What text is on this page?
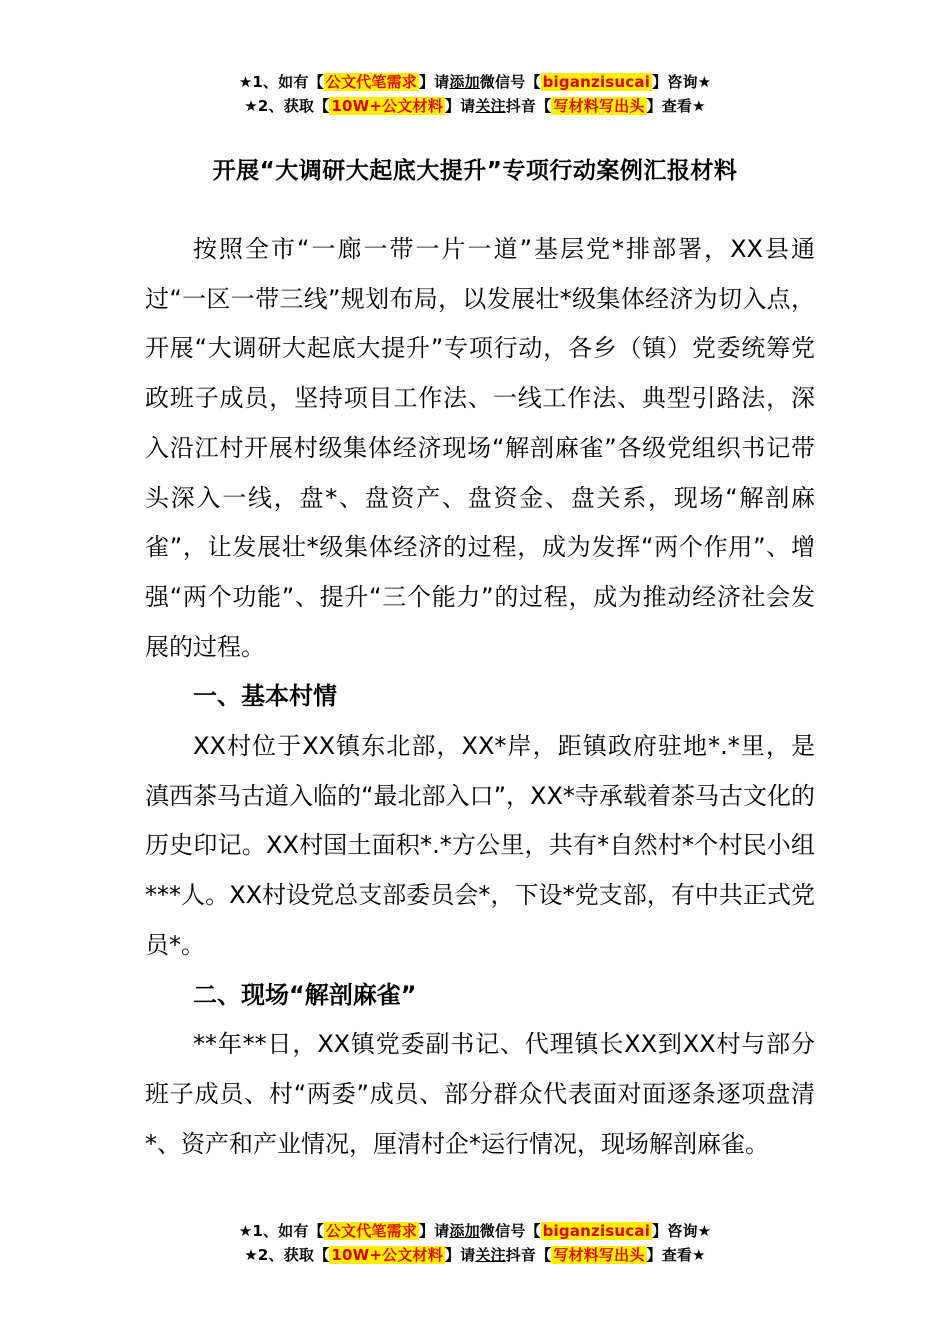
★1、如有【 公文代笔需求 】请添加微信号【 biganzisucai 】咨询★
★2、获取【 10W+公文材料 】请关注抖音【 写材料写出头 】查看★
开展“大调研大起底大提升”专项行动案例汇报材料

按照全市“一廊一带一片一道”基层党*排部署，XX县通过“一区一带三线”规划布局，以发展壮*级集体经济为切入点，开展“大调研大起底大提升”专项行动，各乡（镇）党委统筹党政班子成员，坚持项目工作法、一线工作法、典型引路法，深入沿江村开展村级集体经济现场“解剖麻雀”各级党组织书记带头深入一线，盘*、盘资产、盘资金、盘关系，现场“解剖麻雀”，让发展壮*级集体经济的过程，成为发挥“两个作用”、增强“两个功能”、提升“三个能力”的过程，成为推动经济社会发展的过程。

一、基本村情

XX村位于XX镇东北部，XX*岸，距镇政府驻地*.*里，是滇西茶马古道入临的“最北部入口”，XX*寺承载着茶马古文化的历史印记。XX村国土面积*.*方公里，共有*自然村*个村民小组***人。XX村设党总支部委员会*，下设*党支部，有中共正式党员*。

二、现场“解剖麻雀”

**年**日，XX镇党委副书记、代理镇长XX到XX村与部分班子成员、村“两委”成员、部分群众代表面对面逐条逐项盘清*、资产和产业情况，厘清村企*运行情况，现场解剖麻雀。

★1、如有【 公文代笔需求 】请添加微信号【 biganzisucai 】咨询★
★2、获取【 10W+公文材料 】请关注抖音【 写材料写出头 】查看★
